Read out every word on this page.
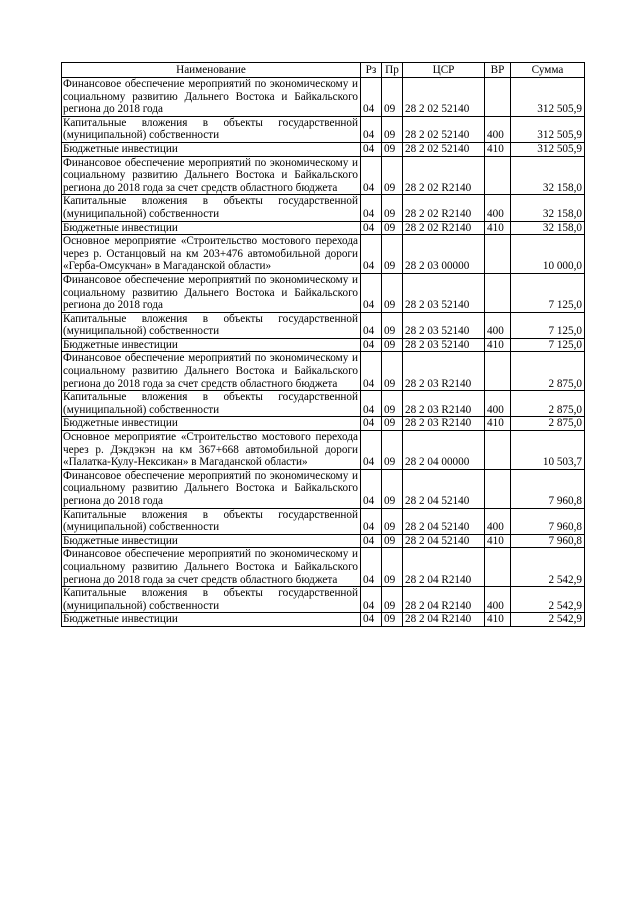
Наименование	Рз	Пр	ЦСР	ВР	Сумма
Финансовое обеспечение мероприятий по экономическому и социальному развитию Дальнего Востока и Байкальского региона до 2018 года	04	09	28 2 02 52140		312 505,9
Капитальные вложения в объекты государственной (муниципальной) собственности	04	09	28 2 02 52140	400	312 505,9
Бюджетные инвестиции	04	09	28 2 02 52140	410	312 505,9
Финансовое обеспечение мероприятий по экономическому и социальному развитию Дальнего Востока и Байкальского региона до 2018 года за счет средств областного бюджета	04	09	28 2 02 R2140		32 158,0
Капитальные вложения в объекты государственной (муниципальной) собственности	04	09	28 2 02 R2140	400	32 158,0
Бюджетные инвестиции	04	09	28 2 02 R2140	410	32 158,0
Основное мероприятие «Строительство мостового перехода через р. Останцовый на км 203+476 автомобильной дороги «Герба-Омсукчан» в Магаданской области»	04	09	28 2 03 00000		10 000,0
Финансовое обеспечение мероприятий по экономическому и социальному развитию Дальнего Востока и Байкальского региона до 2018 года	04	09	28 2 03 52140		7 125,0
Капитальные вложения в объекты государственной (муниципальной) собственности	04	09	28 2 03 52140	400	7 125,0
Бюджетные инвестиции	04	09	28 2 03 52140	410	7 125,0
Финансовое обеспечение мероприятий по экономическому и социальному развитию Дальнего Востока и Байкальского региона до 2018 года за счет средств областного бюджета	04	09	28 2 03 R2140		2 875,0
Капитальные вложения в объекты государственной (муниципальной) собственности	04	09	28 2 03 R2140	400	2 875,0
Бюджетные инвестиции	04	09	28 2 03 R2140	410	2 875,0
Основное мероприятие «Строительство мостового перехода через р. Дэкдэкэн на км 367+668 автомобильной дороги «Палатка-Кулу-Нексикан» в Магаданской области»	04	09	28 2 04 00000		10 503,7
Финансовое обеспечение мероприятий по экономическому и социальному развитию Дальнего Востока и Байкальского региона до 2018 года	04	09	28 2 04 52140		7 960,8
Капитальные вложения в объекты государственной (муниципальной) собственности	04	09	28 2 04 52140	400	7 960,8
Бюджетные инвестиции	04	09	28 2 04 52140	410	7 960,8
Финансовое обеспечение мероприятий по экономическому и социальному развитию Дальнего Востока и Байкальского региона до 2018 года за счет средств областного бюджета	04	09	28 2 04 R2140		2 542,9
Капитальные вложения в объекты государственной (муниципальной) собственности	04	09	28 2 04 R2140	400	2 542,9
Бюджетные инвестиции	04	09	28 2 04 R2140	410	2 542,9
